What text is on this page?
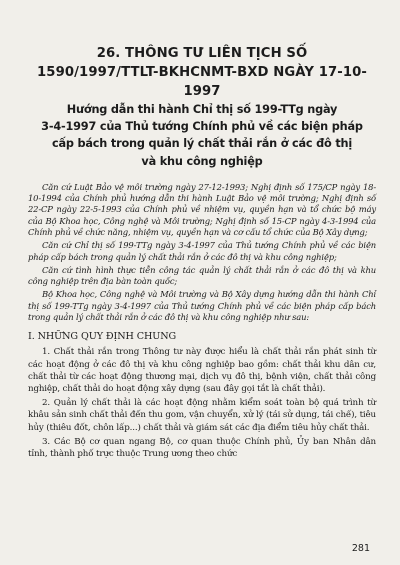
26. THÔNG TƯ LIÊN TỊCH SỐ
1590/1997/TTLT-BKHCNMT-BXD NGÀY 17-10-1997
Hướng dẫn thi hành Chỉ thị số 199-TTg ngày
3-4-1997 của Thủ tướng Chính phủ về các biện pháp
cấp bách trong quản lý chất thải rắn ở các đô thị
và khu công nghiệp

Căn cứ Luật Bảo vệ môi trường ngày 27-12-1993; Nghị định số 175/CP ngày 18-10-1994 của Chính phủ hướng dẫn thi hành Luật Bảo vệ môi trường; Nghị định số 22-CP ngày 22-5-1993 của Chính phủ về nhiệm vụ, quyền hạn và tổ chức bộ máy của Bộ Khoa học, Công nghệ và Môi trường; Nghị định số 15-CP ngày 4-3-1994 của Chính phủ về chức năng, nhiệm vụ, quyền hạn và cơ cấu tổ chức của Bộ Xây dựng;

Căn cứ Chỉ thị số 199-TTg ngày 3-4-1997 của Thủ tướng Chính phủ về các biện pháp cấp bách trong quản lý chất thải rắn ở các đô thị và khu công nghiệp;

Căn cứ tình hình thực tiễn công tác quản lý chất thải rắn ở các đô thị và khu công nghiệp trên địa bàn toàn quốc;

Bộ Khoa học, Công nghệ và Môi trường và Bộ Xây dựng hướng dẫn thi hành Chỉ thị số 199-TTg ngày 3-4-1997 của Thủ tướng Chính phủ về các biện pháp cấp bách trong quản lý chất thải rắn ở các đô thị và khu công nghiệp như sau:

I. NHỮNG QUY ĐỊNH CHUNG

1. Chất thải rắn trong Thông tư này được hiểu là chất thải rắn phát sinh từ các hoạt động ở các đô thị và khu công nghiệp bao gồm: chất thải khu dân cư, chất thải từ các hoạt động thương mại, dịch vụ đô thị, bệnh viện, chất thải công nghiệp, chất thải do hoạt động xây dựng (sau đây gọi tắt là chất thải).

2. Quản lý chất thải là các hoạt động nhằm kiểm soát toàn bộ quá trình từ khâu sản sinh chất thải đến thu gom, vận chuyển, xử lý (tái sử dụng, tái chế), tiêu hủy (thiêu đốt, chôn lấp...) chất thải và giám sát các địa điểm tiêu hủy chất thải.

3. Các Bộ cơ quan ngang Bộ, cơ quan thuộc Chính phủ, Ủy ban Nhân dân tỉnh, thành phố trực thuộc Trung ương theo chức

281
